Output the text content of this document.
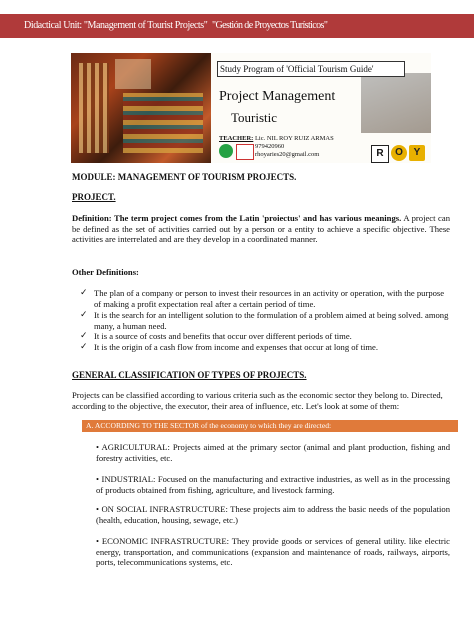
Didactical Unit: "Management of Tourist Projects" "Gestión de Proyectos Turísticos"
Study Program of 'Official Tourism Guide'
Project Management
Touristic
TEACHER: Lic. NIL ROY RUIZ ARMAS
979420960
rhoyaries20@gmail.com	R	O	Y
MODULE: MANAGEMENT OF TOURISM PROJECTS.
PROJECT.
Definition: The term project comes from the Latin 'proiectus' and has various meanings. A project can be defined as the set of activities carried out by a person or a entity to achieve a specific objective. These activities are interrelated and are they develop in a coordinated manner.
Other Definitions:
✓ The plan of a company or person to invest their resources in an activity or operation, with the purpose of making a profit expectation real after a certain period of time.
✓ It is the search for an intelligent solution to the formulation of a problem aimed at being solved. among many, a human need.
✓ It is a source of costs and benefits that occur over different periods of time.
✓ It is the origin of a cash flow from income and expenses that occur at long of time.
GENERAL CLASSIFICATION OF TYPES OF PROJECTS.
Projects can be classified according to various criteria such as the economic sector they belong to. Directed, according to the objective, the executor, their area of influence, etc. Let's look at some of them:
A. ACCORDING TO THE SECTOR of the economy to which they are directed:
• AGRICULTURAL: Projects aimed at the primary sector (animal and plant production, fishing and forestry activities, etc.
• INDUSTRIAL: Focused on the manufacturing and extractive industries, as well as in the processing of products obtained from fishing, agriculture, and livestock farming.
• ON SOCIAL INFRASTRUCTURE: These projects aim to address the basic needs of the population (health, education, housing, sewage, etc.)
• ECONOMIC INFRASTRUCTURE: They provide goods or services of general utility. like electric energy, transportation, and communications (expansion and maintenance of roads, railways, airports, ports, telecommunications systems, etc.
